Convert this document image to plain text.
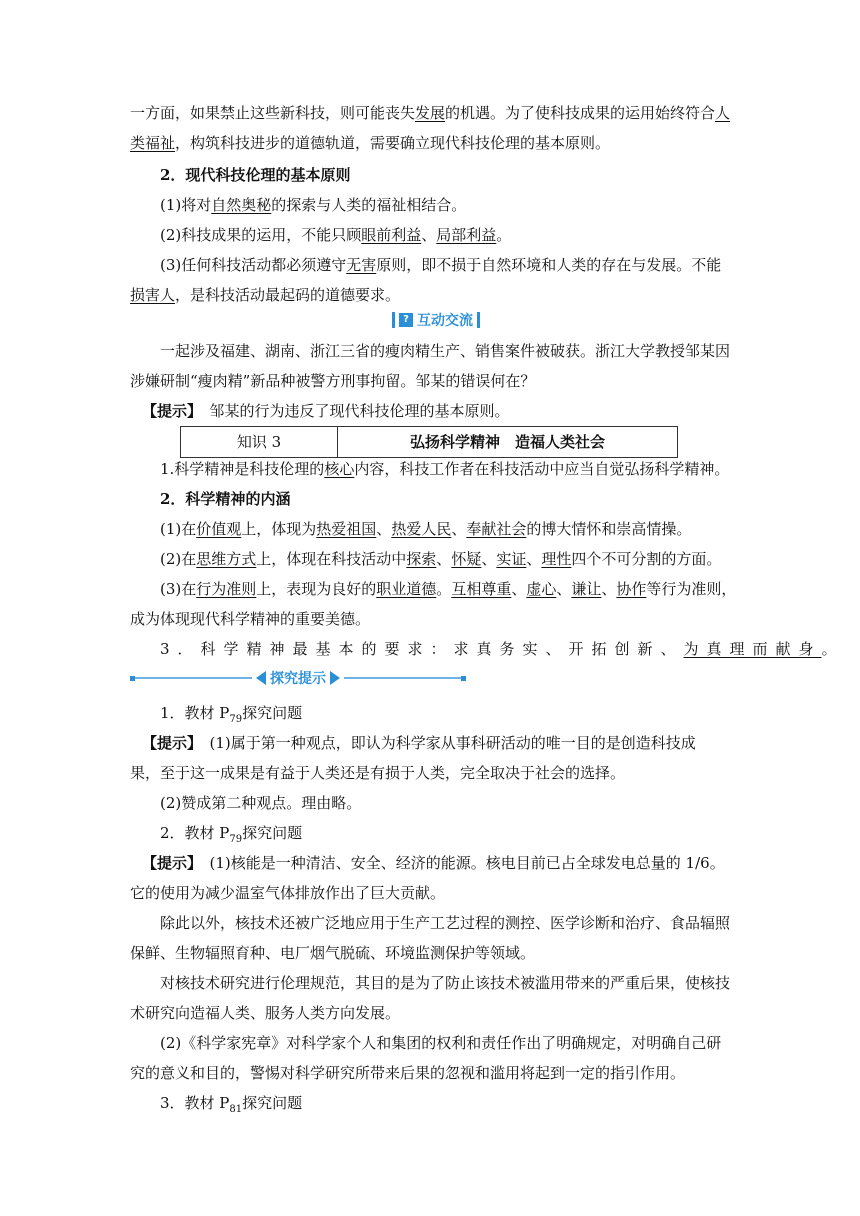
一方面，如果禁止这些新科技，则可能丧失发展的机遇。为了使科技成果的运用始终符合人
类福祉，构筑科技进步的道德轨道，需要确立现代科技伦理的基本原则。
2．现代科技伦理的基本原则
(1)将对自然奥秘的探索与人类的福祉相结合。
(2)科技成果的运用，不能只顾眼前利益、局部利益。
(3)任何科技活动都必须遵守无害原则，即不损于自然环境和人类的存在与发展。不能
损害人，是科技活动最起码的道德要求。
? 互动交流
一起涉及福建、湖南、浙江三省的瘦肉精生产、销售案件被破获。浙江大学教授邹某因
涉嫌研制“瘦肉精”新品种被警方刑事拘留。邹某的错误何在？
【提示】　 邹某的行为违反了现代科技伦理的基本原则。
知识 3	弘扬科学精神　造福人类社会
1.科学精神是科技伦理的核心内容，科技工作者在科技活动中应当自觉弘扬科学精神。
2．科学精神的内涵
(1)在价值观上，体现为热爱祖国、热爱人民、奉献社会的博大情怀和崇高情操。
(2)在思维方式上，体现在科技活动中探索、怀疑、实证、理性四个不可分割的方面。
(3)在行为准则上，表现为良好的职业道德。互相尊重、虚心、谦让、协作等行为准则，
成为体现现代科学精神的重要美德。
3．科学精神最基本的要求：求真务实、开拓创新、为真理而献身。
探究提示
1．教材 $P_{79}$探究问题
【提示】　 (1)属于第一种观点，即认为科学家从事科研活动的唯一目的是创造科技成
果，至于这一成果是有益于人类还是有损于人类，完全取决于社会的选择。
(2)赞成第二种观点。理由略。
2．教材 $P_{79}$探究问题
【提示】　 (1)核能是一种清洁、安全、经济的能源。核电目前已占全球发电总量的 1/6。
它的使用为减少温室气体排放作出了巨大贡献。
除此以外，核技术还被广泛地应用于生产工艺过程的测控、医学诊断和治疗、食品辐照
保鲜、生物辐照育种、电厂烟气脱硫、环境监测保护等领域。
对核技术研究进行伦理规范，其目的是为了防止该技术被滥用带来的严重后果，使核技
术研究向造福人类、服务人类方向发展。
(2)《科学家宪章》对科学家个人和集团的权利和责任作出了明确规定，对明确自己研
究的意义和目的，警惕对科学研究所带来后果的忽视和滥用将起到一定的指引作用。
3．教材 $P_{81}$探究问题
